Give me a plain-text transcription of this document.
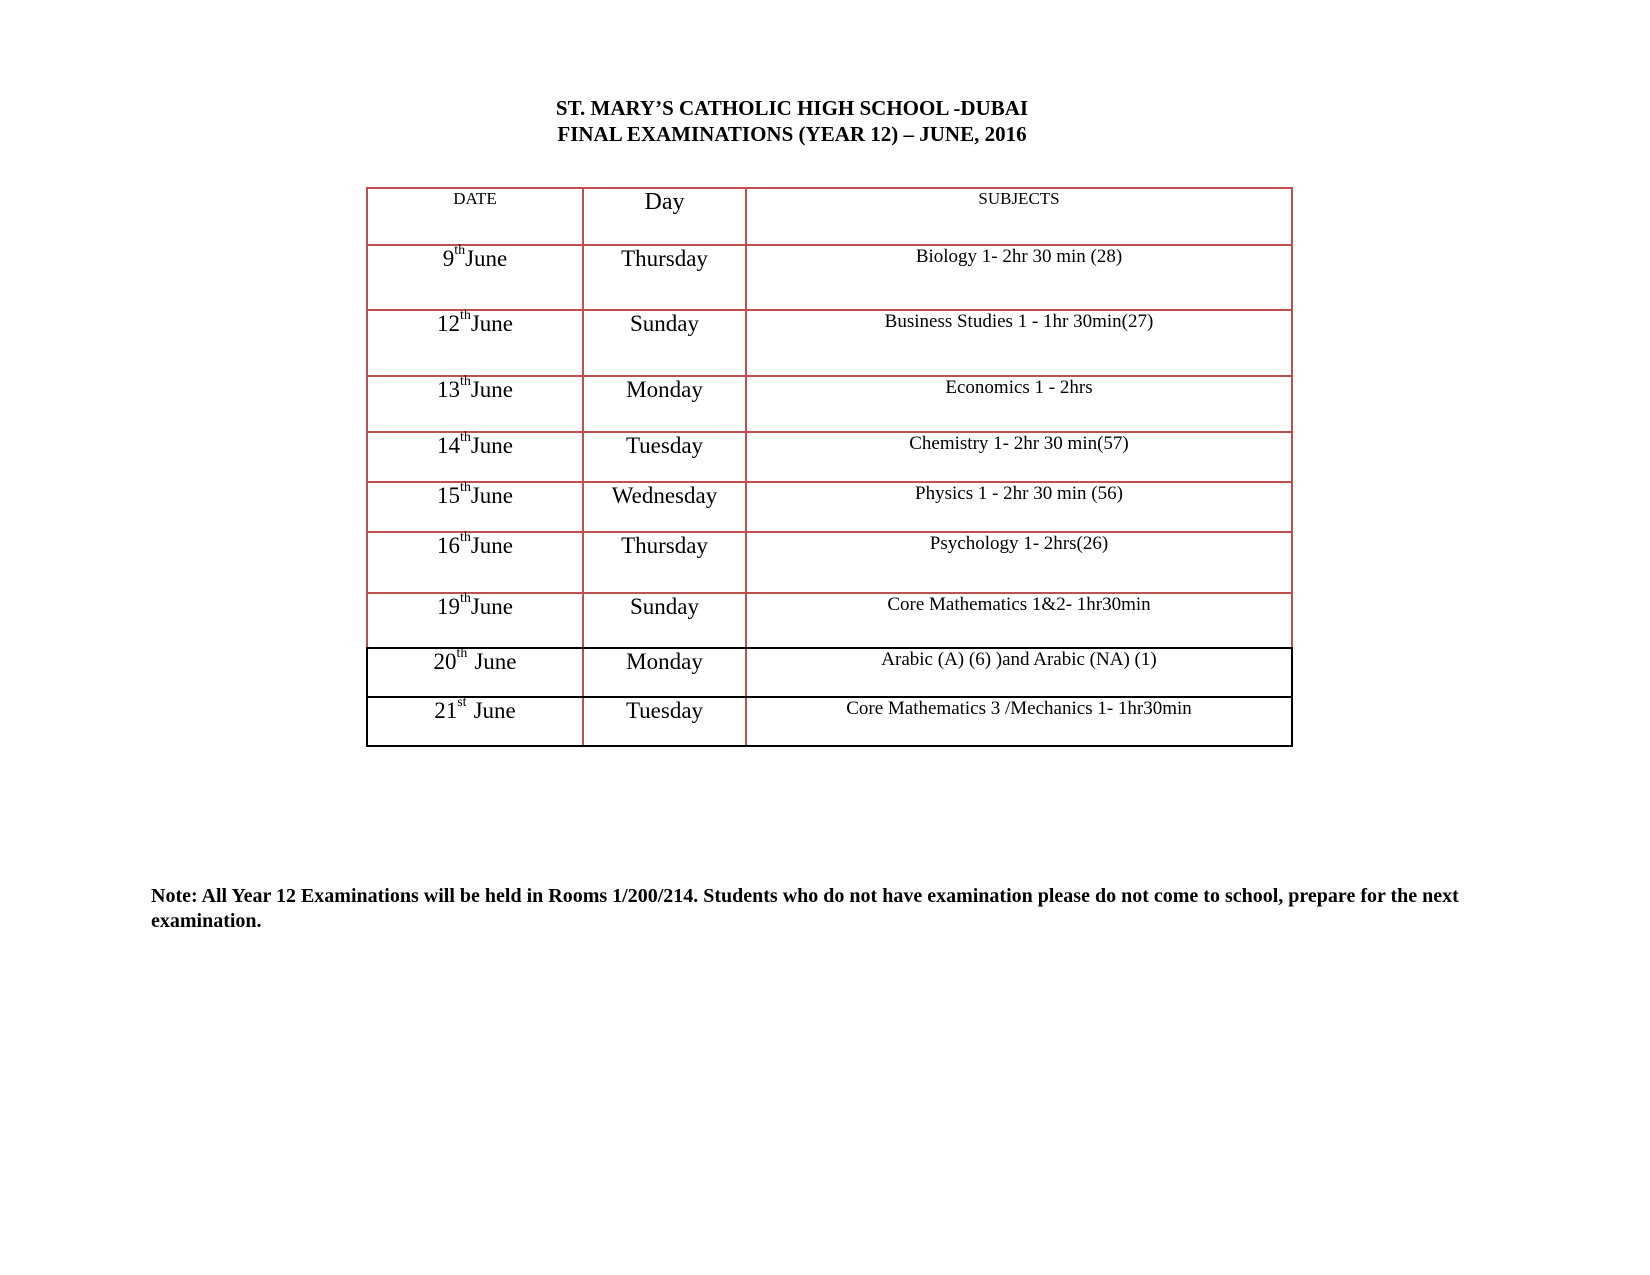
ST. MARY’S CATHOLIC HIGH SCHOOL -DUBAI
FINAL EXAMINATIONS (YEAR 12) – JUNE, 2016
DATE	Day	SUBJECTS
9thJune	Thursday	Biology 1- 2hr 30 min (28)
12thJune	Sunday	Business Studies 1 - 1hr 30min(27)
13thJune	Monday	Economics 1 - 2hrs
14thJune	Tuesday	Chemistry 1- 2hr 30 min(57)
15thJune	Wednesday	Physics 1 - 2hr 30 min (56)
16thJune	Thursday	Psychology 1- 2hrs(26)
19thJune	Sunday	Core Mathematics 1&2- 1hr30min
20th June	Monday	Arabic (A) (6) )and Arabic (NA) (1)
21st June	Tuesday	Core Mathematics 3 /Mechanics 1- 1hr30min
Note: All Year 12 Examinations will be held in Rooms 1/200/214. Students who do not have examination please do not come to school, prepare for the next examination.
